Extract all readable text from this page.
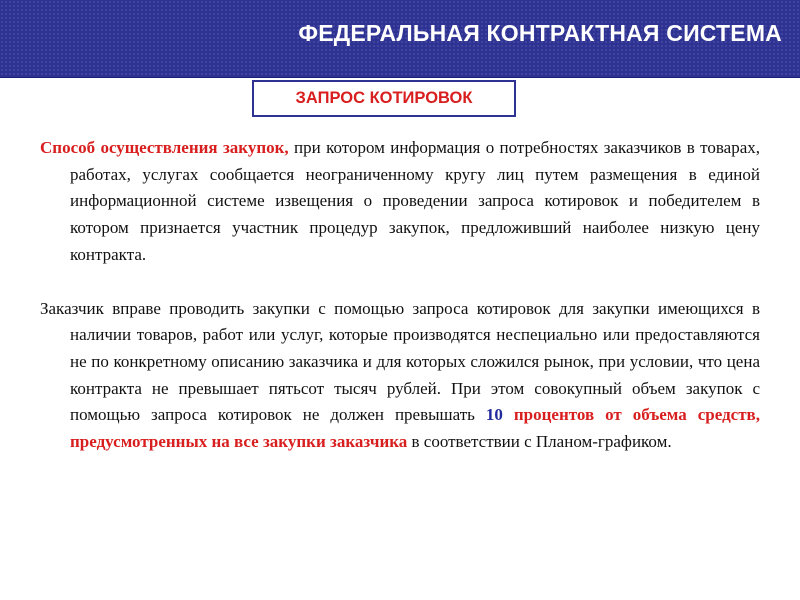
ФЕДЕРАЛЬНАЯ КОНТРАКТНАЯ СИСТЕМА
ЗАПРОС КОТИРОВОК

Способ осуществления закупок, при котором информация о потребностях заказчиков в товарах, работах, услугах сообщается неограниченному кругу лиц путем размещения в единой информационной системе извещения о проведении запроса котировок и победителем в котором признается участник процедур закупок, предложивший наиболее низкую цену контракта.

Заказчик вправе проводить закупки с помощью запроса котировок для закупки имеющихся в наличии товаров, работ или услуг, которые производятся неспециально или предоставляются не по конкретному описанию заказчика и для которых сложился рынок, при условии, что цена контракта не превышает пятьсот тысяч рублей. При этом совокупный объем закупок с помощью запроса котировок не должен превышать 10 процентов от объема средств, предусмотренных на все закупки заказчика в соответствии с Планом-графиком.
